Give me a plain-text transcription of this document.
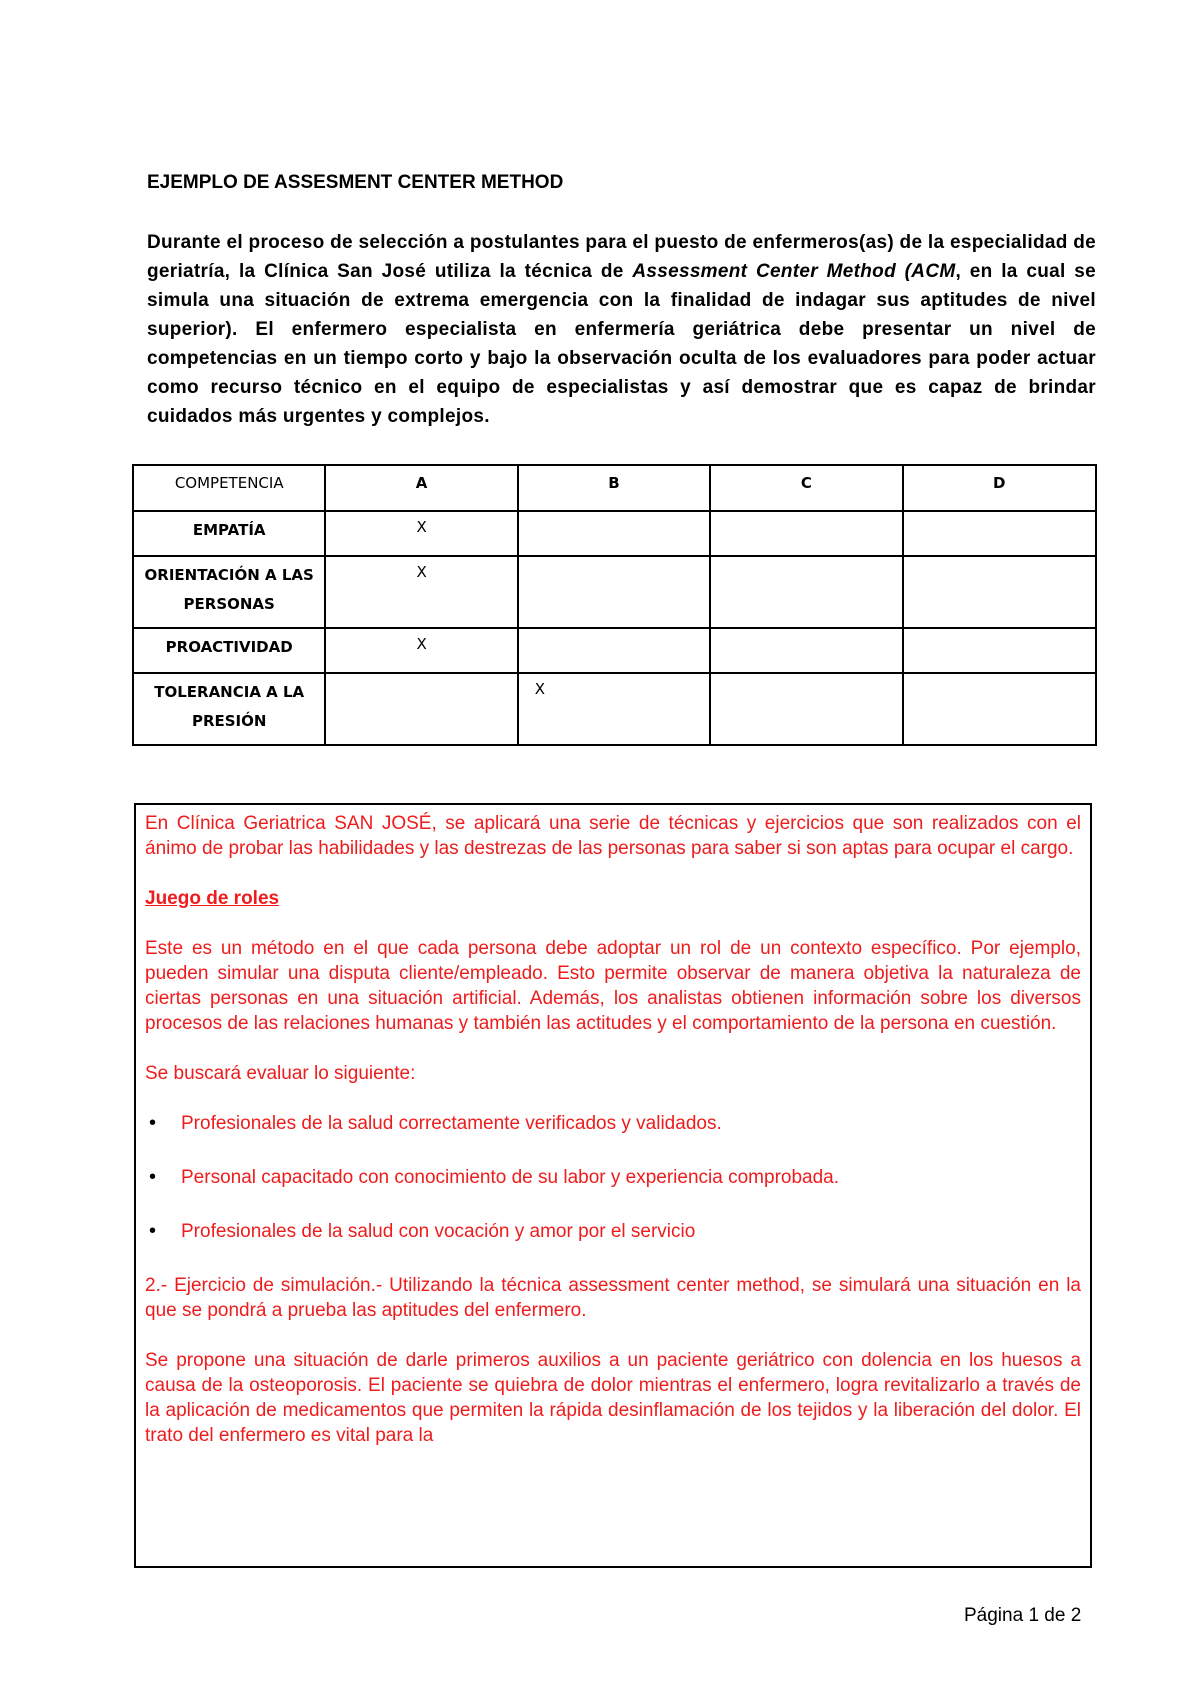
EJEMPLO DE ASSESMENT CENTER METHOD

Durante el proceso de selección a postulantes para el puesto de enfermeros(as) de la especialidad de geriatría, la Clínica San José utiliza la técnica de Assessment Center Method (ACM, en la cual se simula una situación de extrema emergencia con la finalidad de indagar sus aptitudes de nivel superior). El enfermero especialista en enfermería geriátrica debe presentar un nivel de competencias en un tiempo corto y bajo la observación oculta de los evaluadores para poder actuar como recurso técnico en el equipo de especialistas y así demostrar que es capaz de brindar cuidados más urgentes y complejos.

COMPETENCIA	A	B	C	D
EMPATÍA	X			
ORIENTACIÓN A LAS PERSONAS	X			
PROACTIVIDAD	X			
TOLERANCIA A LA PRESIÓN		X		

En Clínica Geriatrica SAN JOSÉ, se aplicará una serie de técnicas y ejercicios que son realizados con el ánimo de probar las habilidades y las destrezas de las personas para saber si son aptas para ocupar el cargo.

Juego de roles

Este es un método en el que cada persona debe adoptar un rol de un contexto específico. Por ejemplo, pueden simular una disputa cliente/empleado. Esto permite observar de manera objetiva la naturaleza de ciertas personas en una situación artificial. Además, los analistas obtienen información sobre los diversos procesos de las relaciones humanas y también las actitudes y el comportamiento de la persona en cuestión.

Se buscará evaluar lo siguiente:

• Profesionales de la salud correctamente verificados y validados.
• Personal capacitado con conocimiento de su labor y experiencia comprobada.
• Profesionales de la salud con vocación y amor por el servicio

2.- Ejercicio de simulación.- Utilizando la técnica assessment center method, se simulará una situación en la que se pondrá a prueba las aptitudes del enfermero.

Se propone una situación de darle primeros auxilios a un paciente geriátrico con dolencia en los huesos a causa de la osteoporosis. El paciente se quiebra de dolor mientras el enfermero, logra revitalizarlo a través de la aplicación de medicamentos que permiten la rápida desinflamación de los tejidos y la liberación del dolor. El trato del enfermero es vital para la

Página 1 de 2
